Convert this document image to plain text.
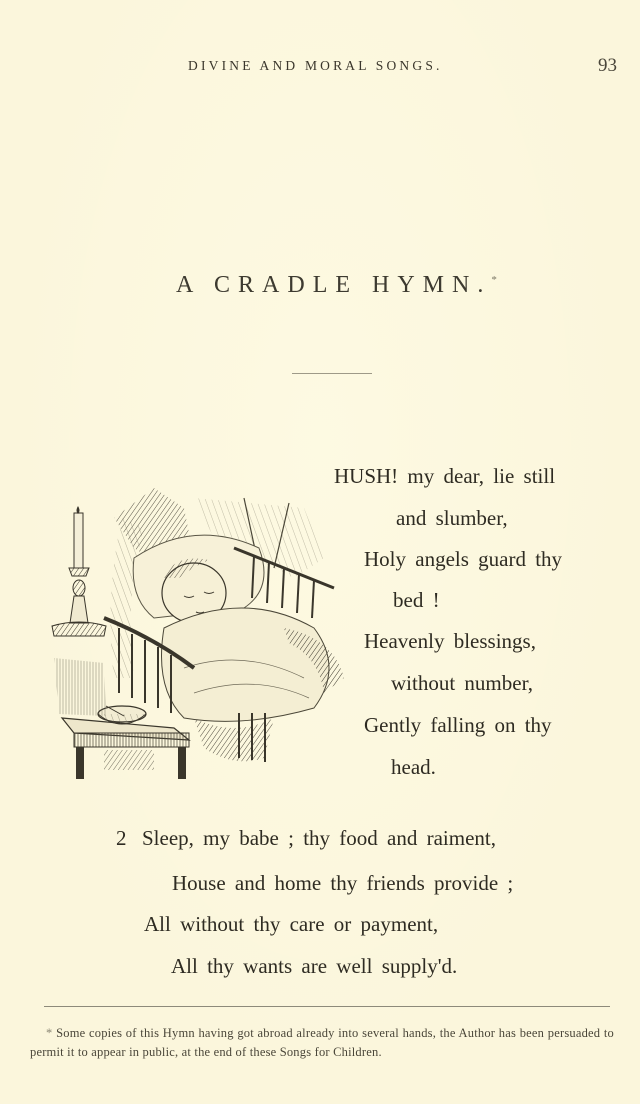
DIVINE AND MORAL SONGS.	93
A CRADLE HYMN.*
HUSH! my dear, lie still
and slumber,
Holy angels guard thy
bed !
Heavenly blessings,
without number,
Gently falling on thy
head.
2 Sleep, my babe ; thy food and raiment,
House and home thy friends provide ;
All without thy care or payment,
All thy wants are well supply'd.
* Some copies of this Hymn having got abroad already into several hands, the Author has been persuaded to permit it to appear in public, at the end of these Songs for Children.
